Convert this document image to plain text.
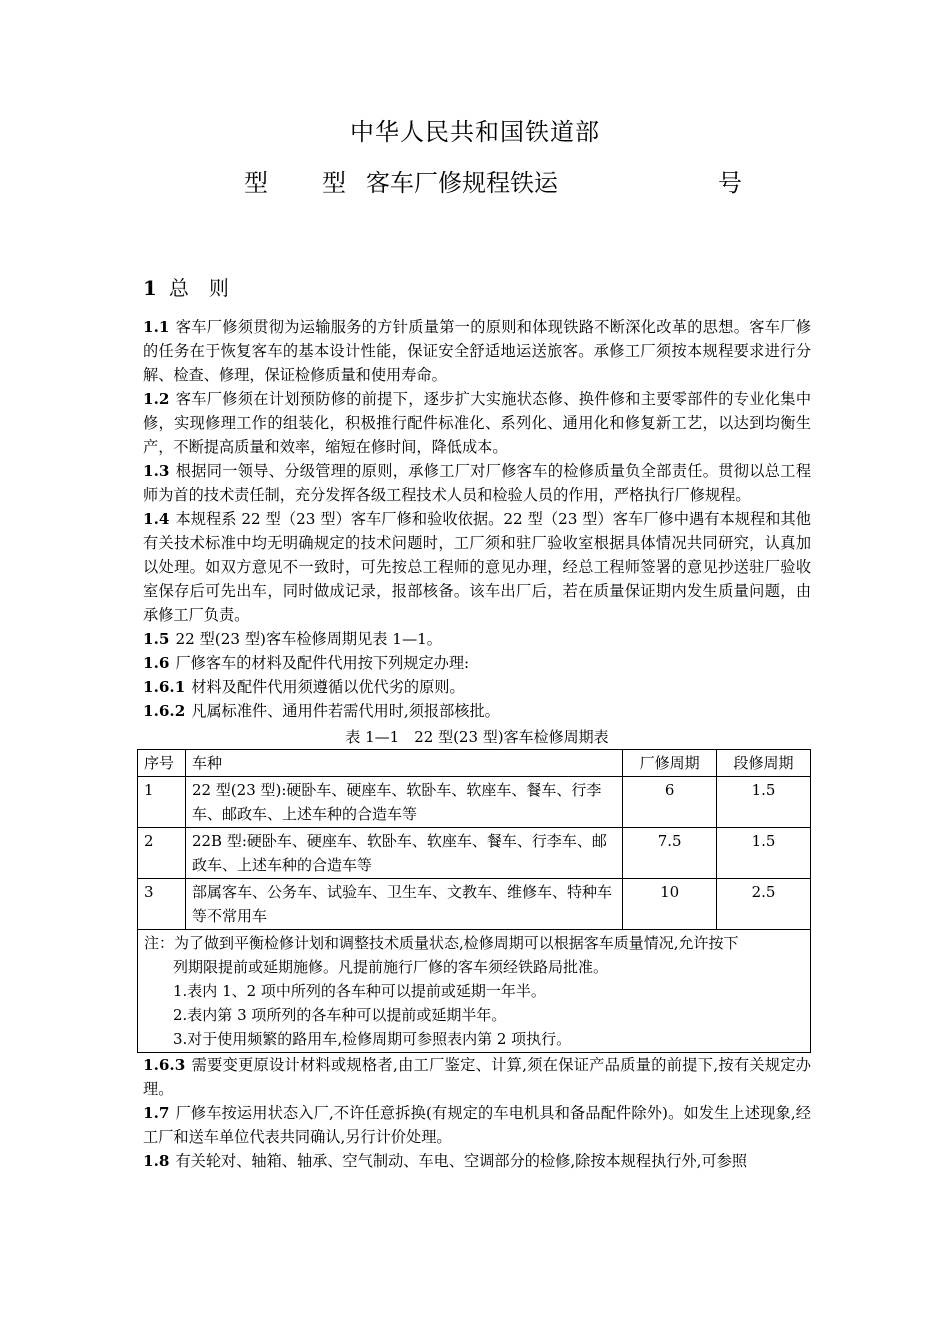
中华人民共和国铁道部
型 型 客车厂修规程铁运	号
1 总　则
1.1 客车厂修须贯彻为运输服务的方针质量第一的原则和体现铁路不断深化改革的思想。客车厂修的任务在于恢复客车的基本设计性能，保证安全舒适地运送旅客。承修工厂须按本规程要求进行分解、检查、修理，保证检修质量和使用寿命。
1.2 客车厂修须在计划预防修的前提下，逐步扩大实施状态修、换件修和主要零部件的专业化集中修，实现修理工作的组装化，积极推行配件标准化、系列化、通用化和修复新工艺，以达到均衡生产，不断提高质量和效率，缩短在修时间，降低成本。
1.3 根据同一领导、分级管理的原则，承修工厂对厂修客车的检修质量负全部责任。贯彻以总工程师为首的技术责任制，充分发挥各级工程技术人员和检验人员的作用，严格执行厂修规程。
1.4 本规程系 22 型（23 型）客车厂修和验收依据。22 型（23 型）客车厂修中遇有本规程和其他有关技术标准中均无明确规定的技术问题时，工厂须和驻厂验收室根据具体情况共同研究，认真加以处理。如双方意见不一致时，可先按总工程师的意见办理，经总工程师签署的意见抄送驻厂验收室保存后可先出车，同时做成记录，报部核备。该车出厂后，若在质量保证期内发生质量问题，由承修工厂负责。
1.5 22 型(23 型)客车检修周期见表 1—1。
1.6 厂修客车的材料及配件代用按下列规定办理:
1.6.1 材料及配件代用须遵循以优代劣的原则。
1.6.2 凡属标准件、通用件若需代用时,须报部核批。
表 1—1　22 型(23 型)客车检修周期表
序号	车种	厂修周期	段修周期
1	22 型(23 型):硬卧车、硬座车、软卧车、软座车、餐车、行李车、邮政车、上述车种的合造车等	6	1.5
2	22B 型:硬卧车、硬座车、软卧车、软座车、餐车、行李车、邮政车、上述车种的合造车等	7.5	1.5
3	部属客车、公务车、试验车、卫生车、文教车、维修车、特种车等不常用车	10	2.5

注：为了做到平衡检修计划和调整技术质量状态,检修周期可以根据客车质量情况,允许按下
列期限提前或延期施修。凡提前施行厂修的客车须经铁路局批准。
1.表内 1、2 项中所列的各车种可以提前或延期一年半。
2.表内第 3 项所列的各车种可以提前或延期半年。
3.对于使用频繁的路用车,检修周期可参照表内第 2 项执行。			
1.6.3 需要变更原设计材料或规格者,由工厂鉴定、计算,须在保证产品质量的前提下,按有关规定办理。
1.7 厂修车按运用状态入厂,不许任意拆换(有规定的车电机具和备品配件除外)。如发生上述现象,经工厂和送车单位代表共同确认,另行计价处理。
1.8 有关轮对、轴箱、轴承、空气制动、车电、空调部分的检修,除按本规程执行外,可参照
